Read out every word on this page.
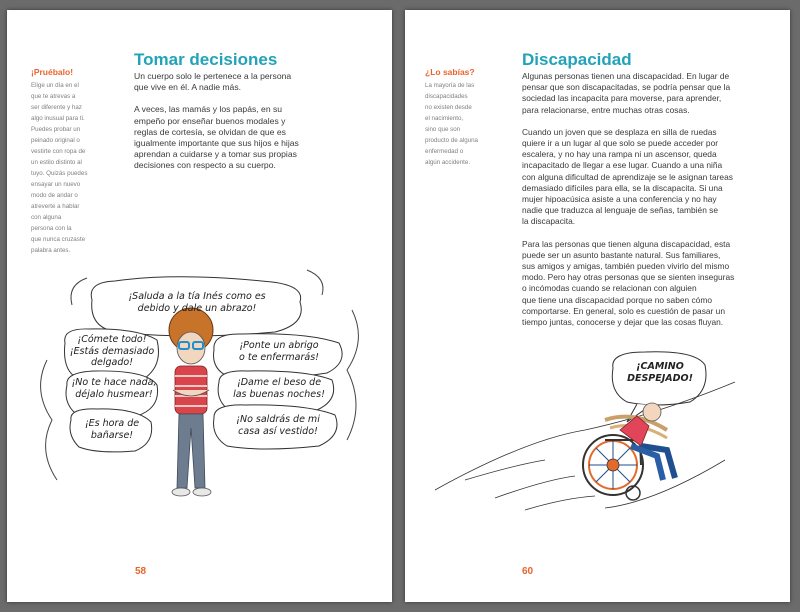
¡Pruébalo!
Elige un día en el
que te atrevas a
ser diferente y haz
algo inusual para ti.
Puedes probar un
peinado original o
vestirte con ropa de
un estilo distinto al
tuyo. Quizás puedes
ensayar un nuevo
modo de andar o
atreverte a hablar
con alguna
persona con la
que nunca cruzaste
palabra antes.
Tomar decisiones

Un cuerpo solo le pertenece a la persona
que vive en él. A nadie más.

A veces, las mamás y los papás, en su
empeño por enseñar buenos modales y
reglas de cortesía, se olvidan de que es
igualmente importante que sus hijos e hijas
aprendan a cuidarse y a tomar sus propias
decisiones con respecto a su cuerpo.

¡Saluda a la tía Inés como es
debido y dale un abrazo!
¡Cómete todo!
¡Estás demasiado
delgado!
¡Ponte un abrigo
o te enfermarás!
¡No te hace nada,
déjalo husmear!
¡Dame el beso de
las buenas noches!
¡Es hora de
bañarse!
¡No saldrás de mi
casa así vestido!
58
¿Lo sabías?
La mayoría de las
discapacidades
no existen desde
el nacimiento,
sino que son
producto de alguna
enfermedad o
algún accidente.
Discapacidad

Algunas personas tienen una discapacidad. En lugar de
pensar que son discapacitadas, se podría pensar que la
sociedad las incapacita para moverse, para aprender,
para relacionarse, entre muchas otras cosas.

Cuando un joven que se desplaza en silla de ruedas
quiere ir a un lugar al que solo se puede acceder por
escalera, y no hay una rampa ni un ascensor, queda
incapacitado de llegar a ese lugar. Cuando a una niña
con alguna dificultad de aprendizaje se le asignan tareas
demasiado difíciles para ella, se la discapacita. Si una
mujer hipoacúsica asiste a una conferencia y no hay
nadie que traduzca al lenguaje de señas, también se
la discapacita.

Para las personas que tienen alguna discapacidad, esta
puede ser un asunto bastante natural. Sus familiares,
sus amigos y amigas, también pueden vivirlo del mismo
modo. Pero hay otras personas que se sienten inseguras
o incómodas cuando se relacionan con alguien
que tiene una discapacidad porque no saben cómo
comportarse. En general, solo es cuestión de pasar un
tiempo juntas, conocerse y dejar que las cosas fluyan.

¡CAMINO
DESPEJADO!
60
